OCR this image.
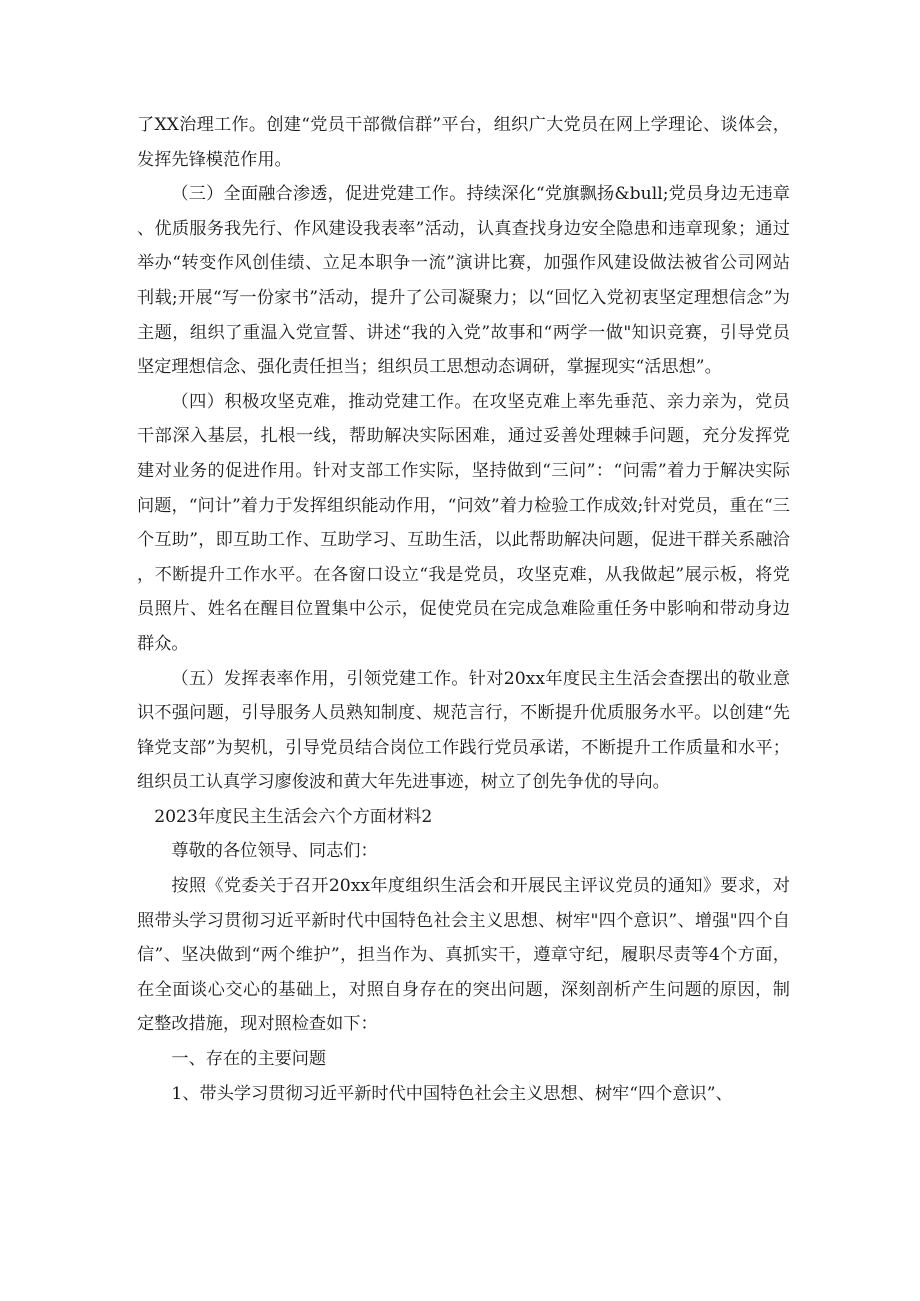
了XX治理工作。创建“党员干部微信群”平台，组织广大党员在网上学理论、谈体会，发挥先锋模范作用。

（三）全面融合渗透，促进党建工作。持续深化“党旗飘扬&bull;党员身边无违章、优质服务我先行、作风建设我表率”活动，认真查找身边安全隐患和违章现象；通过举办“转变作风创佳绩、立足本职争一流”演讲比赛，加强作风建设做法被省公司网站刊载;开展“写一份家书”活动，提升了公司凝聚力；以“回忆入党初衷坚定理想信念”为主题，组织了重温入党宣誓、讲述“我的入党”故事和“两学一做"知识竞赛，引导党员坚定理想信念、强化责任担当；组织员工思想动态调研，掌握现实“活思想”。

（四）积极攻坚克难，推动党建工作。在攻坚克难上率先垂范、亲力亲为，党员干部深入基层，扎根一线，帮助解决实际困难，通过妥善处理棘手问题，充分发挥党建对业务的促进作用。针对支部工作实际，坚持做到“三问”：“问需”着力于解决实际问题，“问计”着力于发挥组织能动作用，“问效”着力检验工作成效;针对党员，重在“三个互助”，即互助工作、互助学习、互助生活，以此帮助解决问题，促进干群关系融洽，不断提升工作水平。在各窗口设立“我是党员，攻坚克难，从我做起”展示板，将党员照片、姓名在醒目位置集中公示，促使党员在完成急难险重任务中影响和带动身边群众。

（五）发挥表率作用，引领党建工作。针对20xx年度民主生活会查摆出的敬业意识不强问题，引导服务人员熟知制度、规范言行，不断提升优质服务水平。以创建“先锋党支部”为契机，引导党员结合岗位工作践行党员承诺，不断提升工作质量和水平；组织员工认真学习廖俊波和黄大年先进事迹，树立了创先争优的导向。

2023年度民主生活会六个方面材料2

尊敬的各位领导、同志们：

按照《党委关于召开20xx年度组织生活会和开展民主评议党员的通知》要求，对照带头学习贯彻习近平新时代中国特色社会主义思想、树牢"四个意识”、增强"四个自信”、坚决做到“两个维护”，担当作为、真抓实干，遵章守纪，履职尽责等4个方面，在全面谈心交心的基础上，对照自身存在的突出问题，深刻剖析产生问题的原因，制定整改措施，现对照检查如下：

一、存在的主要问题

1、带头学习贯彻习近平新时代中国特色社会主义思想、树牢“四个意识”、
